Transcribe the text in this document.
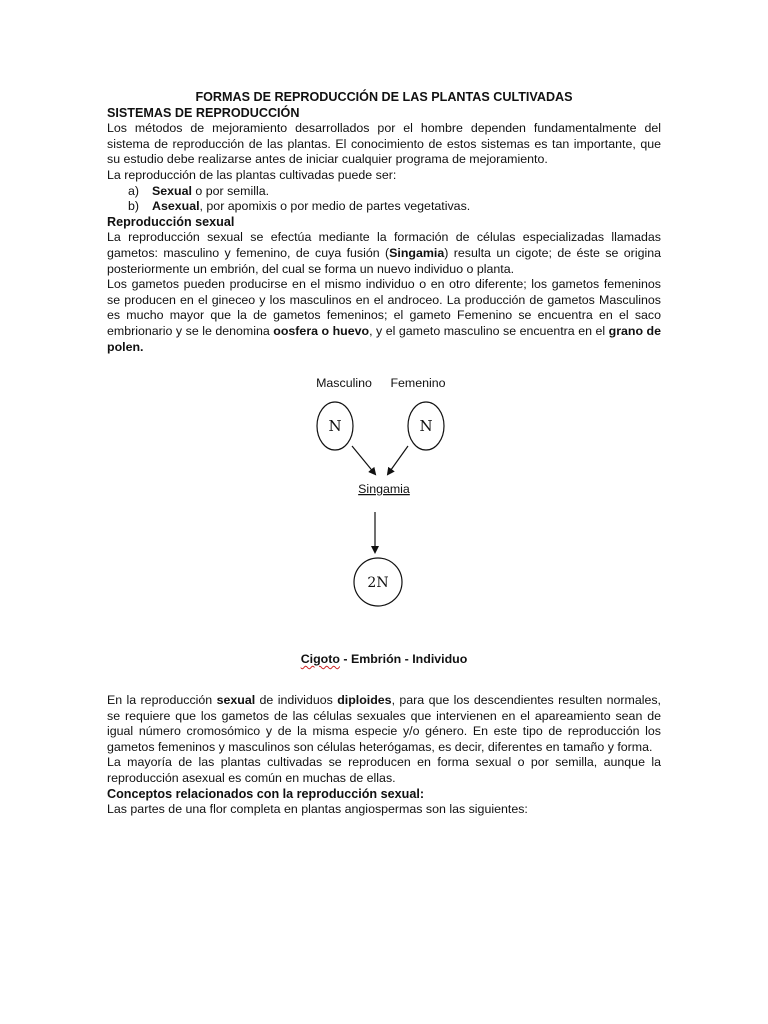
FORMAS DE REPRODUCCIÓN DE LAS PLANTAS CULTIVADAS

SISTEMAS DE REPRODUCCIÓN

Los métodos de mejoramiento desarrollados por el hombre dependen fundamentalmente del sistema de reproducción de las plantas. El conocimiento de estos sistemas es tan importante, que su estudio debe realizarse antes de iniciar cualquier programa de mejoramiento.

La reproducción de las plantas cultivadas puede ser:

a)	Sexual o por semilla.
b)	Asexual, por apomixis o por medio de partes vegetativas.

Reproducción sexual

La reproducción sexual se efectúa mediante la formación de células especializadas llamadas gametos: masculino y femenino, de cuya fusión (Singamia) resulta un cigote; de éste se origina posteriormente un embrión, del cual se forma un nuevo individuo o planta.

Los gametos pueden producirse en el mismo individuo o en otro diferente; los gametos femeninos se producen en el gineceo y los masculinos en el androceo. La producción de gametos Masculinos es mucho mayor que la de gametos femeninos; el gameto Femenino se encuentra en el saco embrionario y se le denomina oosfera o huevo, y el gameto masculino se encuentra en el grano de polen.

Masculino Femenino
N	N
Singamia
2N
Cigoto - Embrión - Individuo

En la reproducción sexual de individuos diploides, para que los descendientes resulten normales, se requiere que los gametos de las células sexuales que intervienen en el apareamiento sean de igual número cromosómico y de la misma especie y/o género. En este tipo de reproducción los gametos femeninos y masculinos son células heterógamas, es decir, diferentes en tamaño y forma.

La mayoría de las plantas cultivadas se reproducen en forma sexual o por semilla, aunque la reproducción asexual es común en muchas de ellas.

Conceptos relacionados con la reproducción sexual:

Las partes de una flor completa en plantas angiospermas son las siguientes:
